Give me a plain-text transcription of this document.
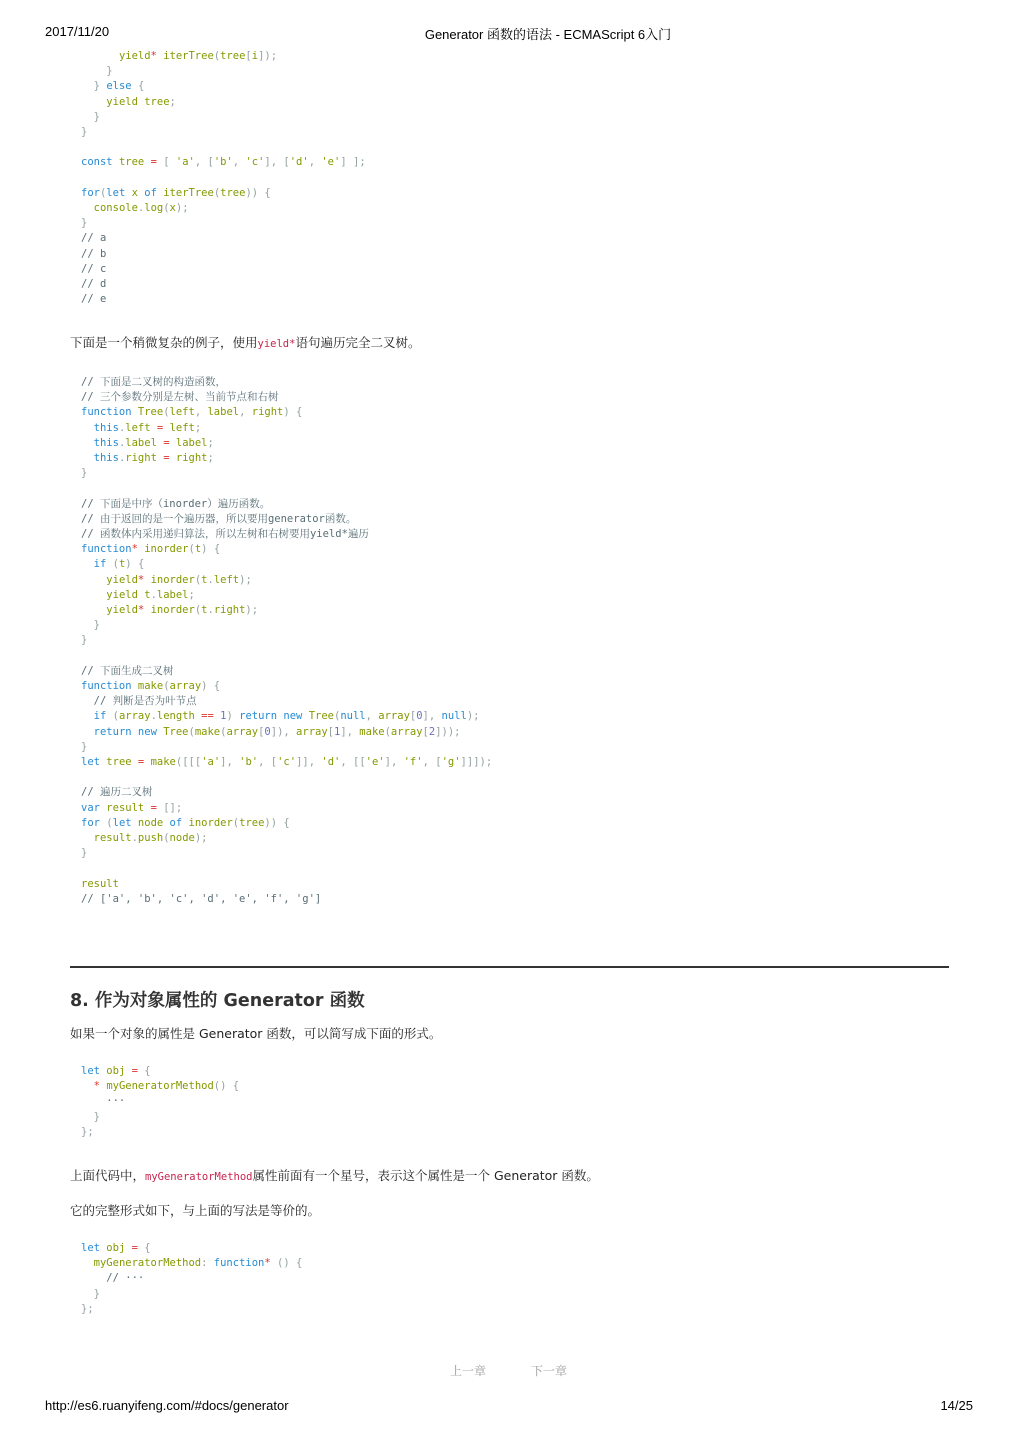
2017/11/20	Generator 函数的语法 - ECMAScript 6入门
yield* iterTree(tree[i]);
}
} else {
yield tree;
}
}

const tree = [ 'a', ['b', 'c'], ['d', 'e'] ];

for(let x of iterTree(tree)) {
console.log(x);
}
// a
// b
// c
// d
// e

下面是一个稍微复杂的例子，使用yield*语句遍历完全二叉树。

// 下面是二叉树的构造函数，
// 三个参数分别是左树、当前节点和右树
function Tree(left, label, right) {
this.left = left;
this.label = label;
this.right = right;
}

// 下面是中序（inorder）遍历函数。
// 由于返回的是一个遍历器，所以要用generator函数。
// 函数体内采用递归算法，所以左树和右树要用yield*遍历
function* inorder(t) {
if (t) {
yield* inorder(t.left);
yield t.label;
yield* inorder(t.right);
}
}

// 下面生成二叉树
function make(array) {
// 判断是否为叶节点
if (array.length == 1) return new Tree(null, array[0], null);
return new Tree(make(array[0]), array[1], make(array[2]));
}
let tree = make([[['a'], 'b', ['c']], 'd', [['e'], 'f', ['g']]]);

// 遍历二叉树
var result = [];
for (let node of inorder(tree)) {
result.push(node);
}

result
// ['a', 'b', 'c', 'd', 'e', 'f', 'g']
8. 作为对象属性的 Generator 函数

如果一个对象的属性是 Generator 函数，可以简写成下面的形式。

let obj = {
* myGeneratorMethod() {
···
}
};

上面代码中，myGeneratorMethod属性前面有一个星号，表示这个属性是一个 Generator 函数。

它的完整形式如下，与上面的写法是等价的。

let obj = {
myGeneratorMethod: function* () {
// ···
}
};
上一章	下一章
http://es6.ruanyifeng.com/#docs/generator	14/25
